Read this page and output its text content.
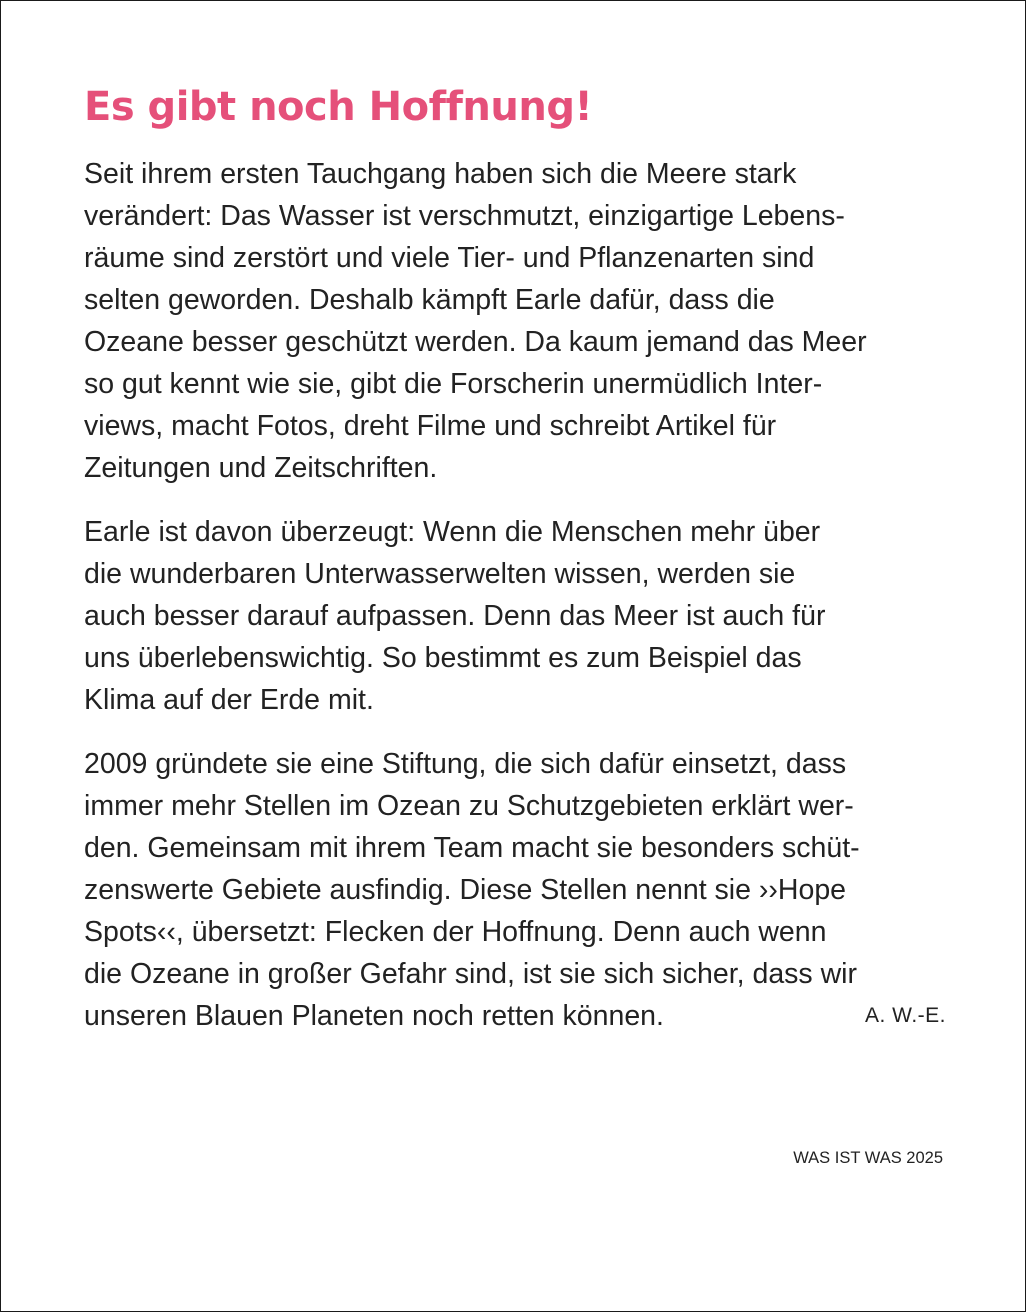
Es gibt noch Hoffnung!

Seit ihrem ersten Tauchgang haben sich die Meere stark
verändert: Das Wasser ist verschmutzt, einzigartige Lebens-
räume sind zerstört und viele Tier- und Pflanzenarten sind
selten geworden. Deshalb kämpft Earle dafür, dass die
Ozeane besser geschützt werden. Da kaum jemand das Meer
so gut kennt wie sie, gibt die Forscherin unermüdlich Inter-
views, macht Fotos, dreht Filme und schreibt Artikel für
Zeitungen und Zeitschriften.

Earle ist davon überzeugt: Wenn die Menschen mehr über
die wunderbaren Unterwasserwelten wissen, werden sie
auch besser darauf aufpassen. Denn das Meer ist auch für
uns überlebenswichtig. So bestimmt es zum Beispiel das
Klima auf der Erde mit.

2009 gründete sie eine Stiftung, die sich dafür einsetzt, dass
immer mehr Stellen im Ozean zu Schutzgebieten erklärt wer-
den. Gemeinsam mit ihrem Team macht sie besonders schüt-
zenswerte Gebiete ausfindig. Diese Stellen nennt sie ››Hope
Spots‹‹, übersetzt: Flecken der Hoffnung. Denn auch wenn
die Ozeane in großer Gefahr sind, ist sie sich sicher, dass wir
unseren Blauen Planeten noch retten können.	A. W.-E.

WAS IST WAS 2025
